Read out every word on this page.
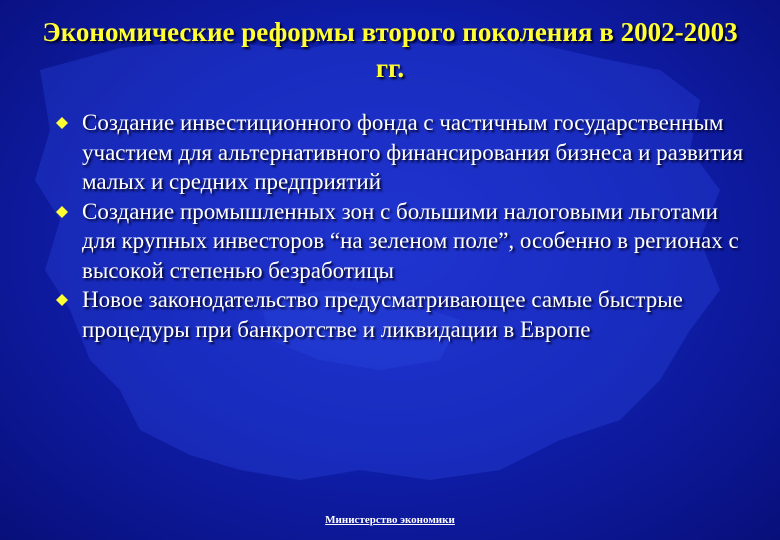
Экономические реформы второго поколения в 2002-2003 гг.
Создание инвестиционного фонда с частичным государственным участием для альтернативного финансирования бизнеса и развития малых и средних предприятий
Создание промышленных зон с большими налоговыми льготами для крупных инвесторов “на зеленом поле”, особенно в регионах с высокой степенью безработицы
Новое законодательство предусматривающее самые быстрые процедуры при банкротстве и ликвидации в Европе
Министерство экономики
